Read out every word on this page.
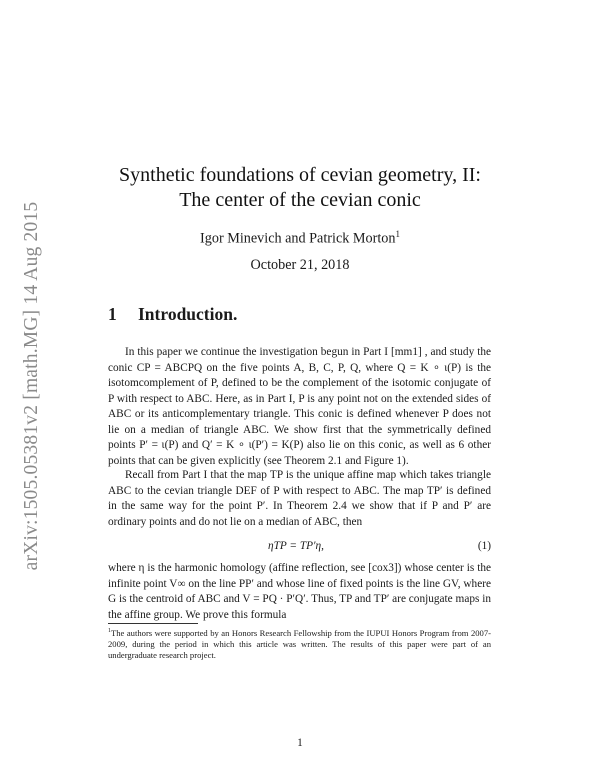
arXiv:1505.05381v2 [math.MG] 14 Aug 2015
Synthetic foundations of cevian geometry, II:
The center of the cevian conic
Igor Minevich and Patrick Morton$^1$
October 21, 2018
1 Introduction.

In this paper we continue the investigation begun in Part I [mm1] , and study the conic CP = ABCPQ on the five points A, B, C, P, Q, where Q = K ∘ ι(P) is the isotomcomplement of P, defined to be the complement of the isotomic conjugate of P with respect to ABC. Here, as in Part I, P is any point not on the extended sides of ABC or its anticomplementary triangle. This conic is defined whenever P does not lie on a median of triangle ABC. We show first that the symmetrically defined points P′ = ι(P) and Q′ = K ∘ ι(P′) = K(P) also lie on this conic, as well as 6 other points that can be given explicitly (see Theorem 2.1 and Figure 1).

Recall from Part I that the map TP is the unique affine map which takes triangle ABC to the cevian triangle DEF of P with respect to ABC. The map TP′ is defined in the same way for the point P′. In Theorem 2.4 we show that if P and P′ are ordinary points and do not lie on a median of ABC, then

ηTP = TP′η,	(1)

where η is the harmonic homology (affine reflection, see [cox3]) whose center is the infinite point V∞ on the line PP′ and whose line of fixed points is the line GV, where G is the centroid of ABC and V = PQ · P′Q′. Thus, TP and TP′ are conjugate maps in the affine group. We prove this formula

$^1$The authors were supported by an Honors Research Fellowship from the IUPUI Honors Program from 2007-2009, during the period in which this article was written. The results of this paper were part of an undergraduate research project.

1
